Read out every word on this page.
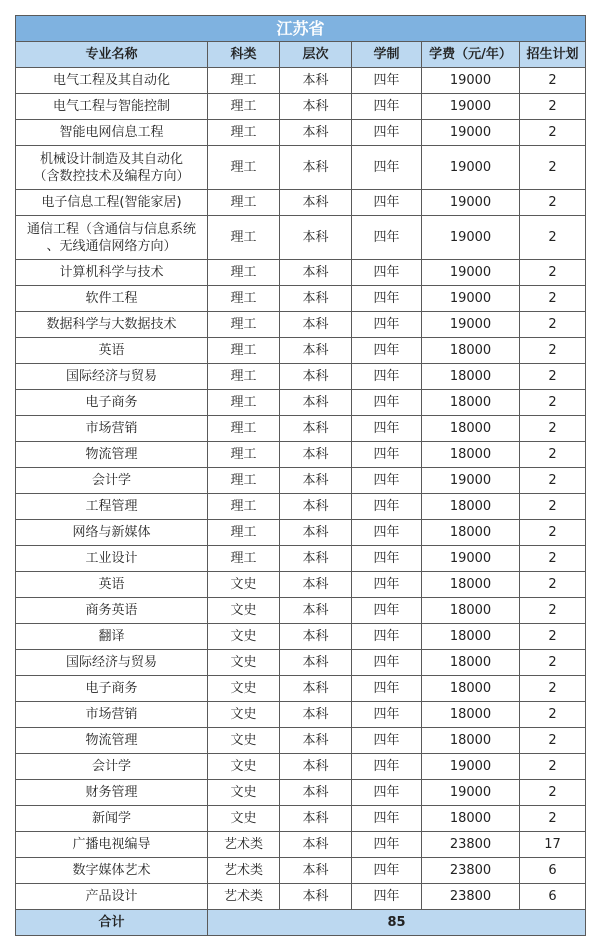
江苏省					
专业名称	科类	层次	学制	学费（元/年）	招生计划
电气工程及其自动化	理工	本科	四年	19000	2
电气工程与智能控制	理工	本科	四年	19000	2
智能电网信息工程	理工	本科	四年	19000	2

机械设计制造及其自动化
（含数控技术及编程方向）	理工	本科	四年	19000	2
电子信息工程(智能家居)	理工	本科	四年	19000	2

通信工程（含通信与信息系统
、无线通信网络方向）	理工	本科	四年	19000	2
计算机科学与技术	理工	本科	四年	19000	2
软件工程	理工	本科	四年	19000	2
数据科学与大数据技术	理工	本科	四年	19000	2
英语	理工	本科	四年	18000	2
国际经济与贸易	理工	本科	四年	18000	2
电子商务	理工	本科	四年	18000	2
市场营销	理工	本科	四年	18000	2
物流管理	理工	本科	四年	18000	2
会计学	理工	本科	四年	19000	2
工程管理	理工	本科	四年	18000	2
网络与新媒体	理工	本科	四年	18000	2
工业设计	理工	本科	四年	19000	2
英语	文史	本科	四年	18000	2
商务英语	文史	本科	四年	18000	2
翻译	文史	本科	四年	18000	2
国际经济与贸易	文史	本科	四年	18000	2
电子商务	文史	本科	四年	18000	2
市场营销	文史	本科	四年	18000	2
物流管理	文史	本科	四年	18000	2
会计学	文史	本科	四年	19000	2
财务管理	文史	本科	四年	19000	2
新闻学	文史	本科	四年	18000	2
广播电视编导	艺术类	本科	四年	23800	17
数字媒体艺术	艺术类	本科	四年	23800	6
产品设计	艺术类	本科	四年	23800	6
合计	85				
